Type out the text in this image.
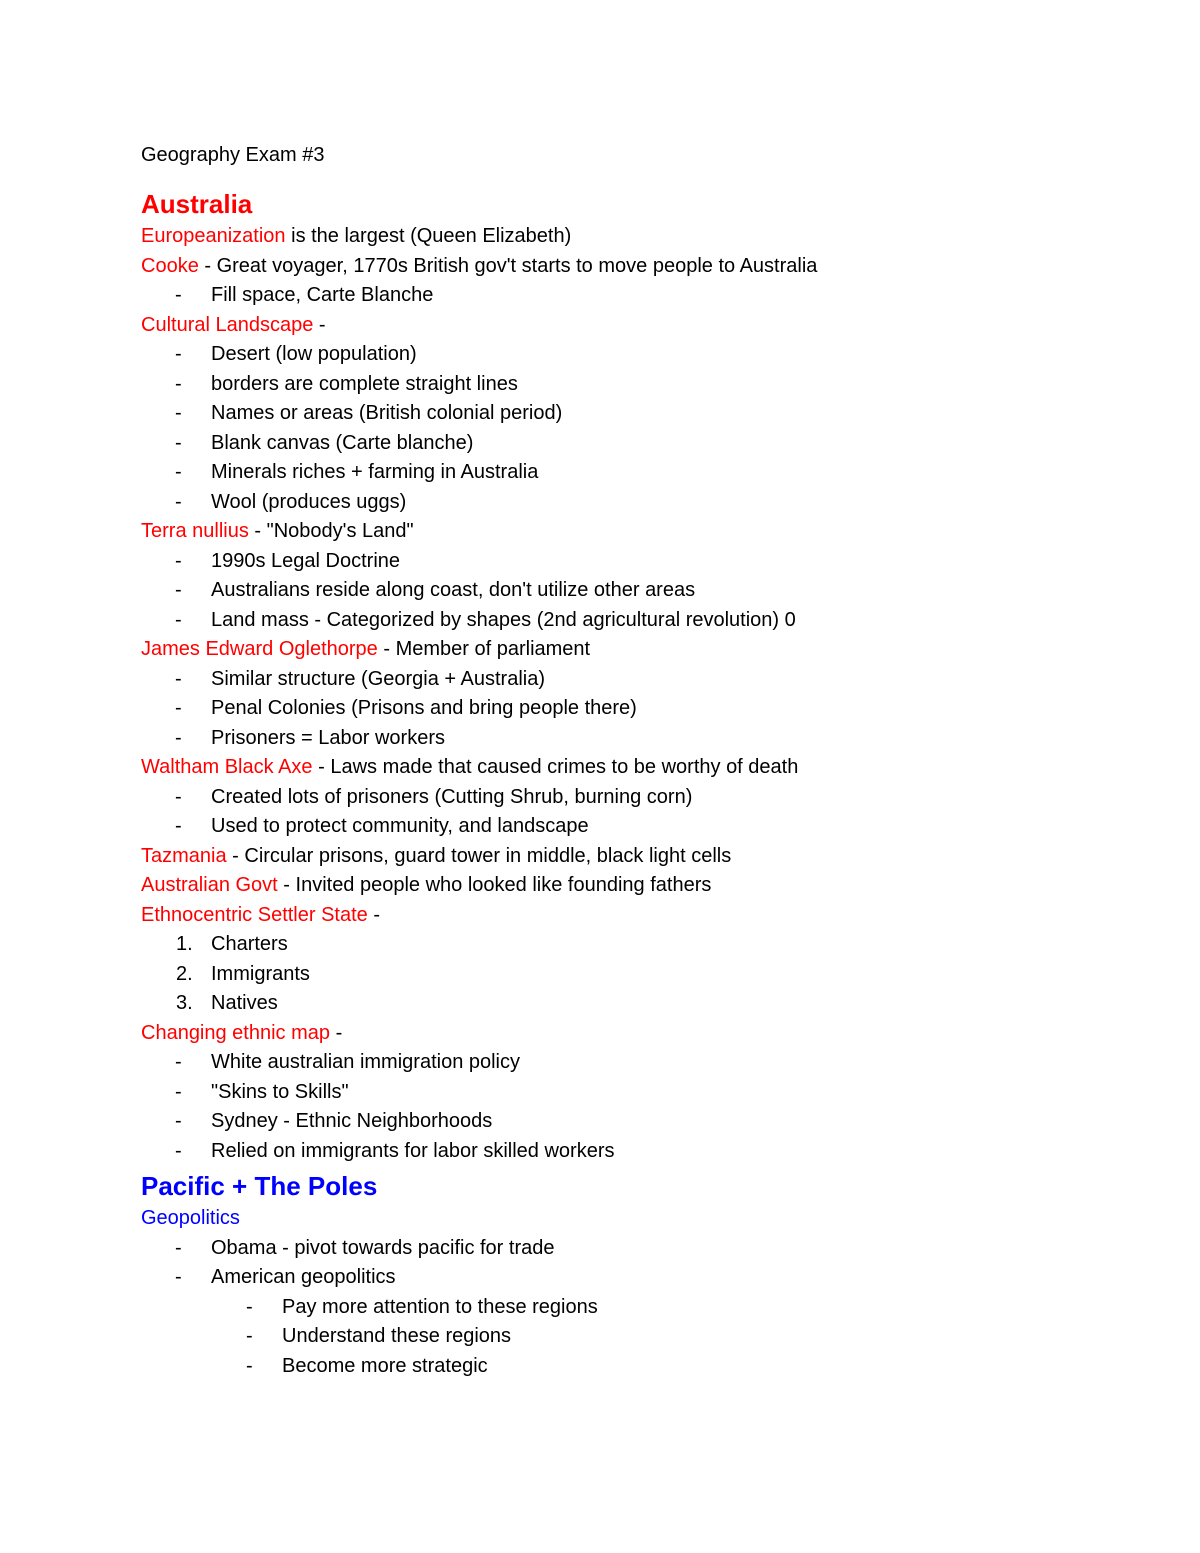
Geography Exam #3
Australia
Europeanization is the largest (Queen Elizabeth)
Cooke - Great voyager, 1770s British gov't starts to move people to Australia
-	Fill space, Carte Blanche
Cultural Landscape -
-	Desert (low population)
-	borders are complete straight lines
-	Names or areas (British colonial period)
-	Blank canvas (Carte blanche)
-	Minerals riches + farming in Australia
-	Wool (produces uggs)
Terra nullius - "Nobody's Land"
-	1990s Legal Doctrine
-	Australians reside along coast, don't utilize other areas
-	Land mass - Categorized by shapes (2nd agricultural revolution) 0
James Edward Oglethorpe - Member of parliament
-	Similar structure (Georgia + Australia)
-	Penal Colonies (Prisons and bring people there)
-	Prisoners = Labor workers
Waltham Black Axe - Laws made that caused crimes to be worthy of death
-	Created lots of prisoners (Cutting Shrub, burning corn)
-	Used to protect community, and landscape
Tazmania - Circular prisons, guard tower in middle, black light cells
Australian Govt - Invited people who looked like founding fathers
Ethnocentric Settler State -
1. Charters
2. Immigrants
3. Natives
Changing ethnic map -
-	White australian immigration policy
-	"Skins to Skills"
-	Sydney - Ethnic Neighborhoods
-	Relied on immigrants for labor skilled workers
Pacific + The Poles
Geopolitics
-	Obama - pivot towards pacific for trade
-	American geopolitics
-	Pay more attention to these regions
-	Understand these regions
-	Become more strategic
